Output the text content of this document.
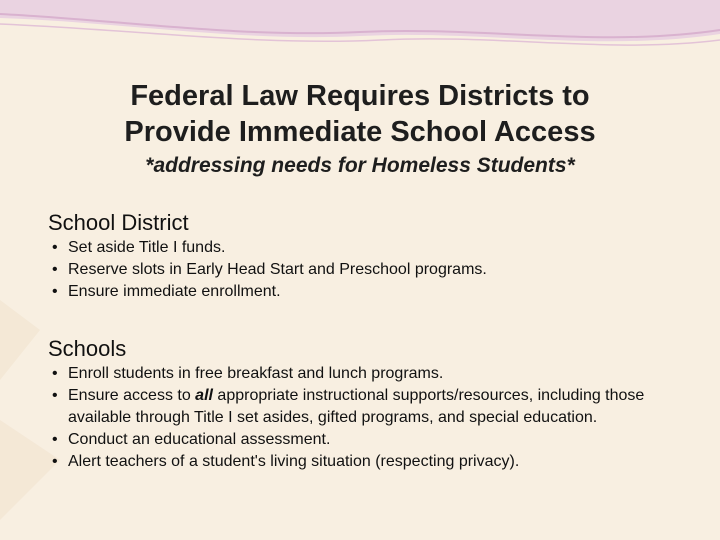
Federal Law Requires Districts to
Provide Immediate School Access

*addressing needs for Homeless Students*

School District
• Set aside Title I funds.
• Reserve slots in Early Head Start and Preschool programs.
• Ensure immediate enrollment.
Schools
• Enroll students in free breakfast and lunch programs.
• Ensure access to all appropriate instructional supports/resources, including those available through Title I set asides, gifted programs, and special education.
• Conduct an educational assessment.
• Alert teachers of a student's living situation (respecting privacy).
